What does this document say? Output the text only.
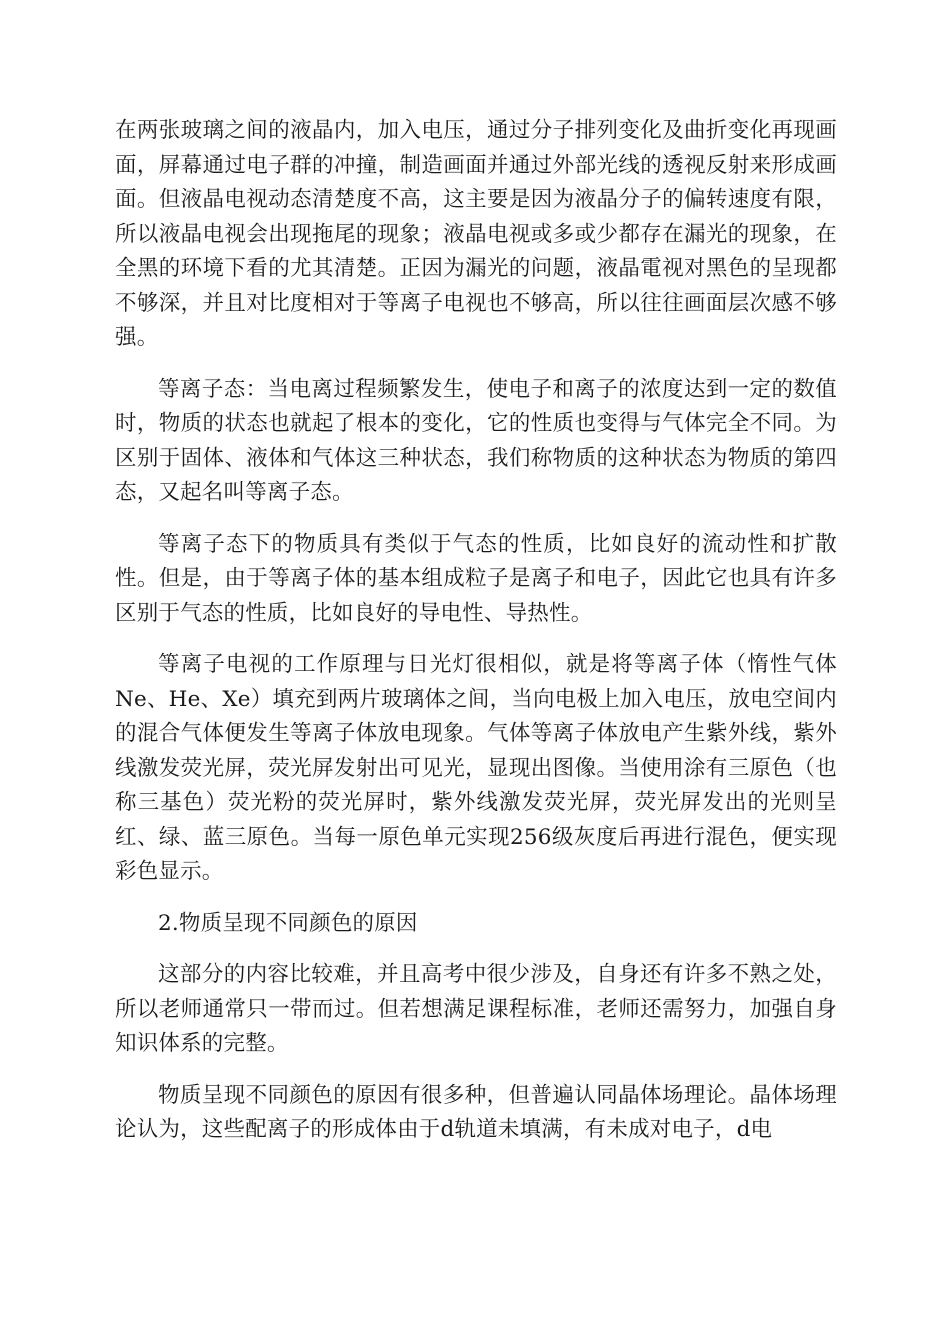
在两张玻璃之间的液晶内，加入电压，通过分子排列变化及曲折变化再现画面，屏幕通过电子群的冲撞，制造画面并通过外部光线的透视反射来形成画面。但液晶电视动态清楚度不高，这主要是因为液晶分子的偏转速度有限，所以液晶电视会出现拖尾的现象；液晶电视或多或少都存在漏光的现象，在全黑的环境下看的尤其清楚。正因为漏光的问题，液晶電视对黑色的呈现都不够深，并且对比度相对于等离子电视也不够高，所以往往画面层次感不够强。

等离子态：当电离过程频繁发生，使电子和离子的浓度达到一定的数值时，物质的状态也就起了根本的变化，它的性质也变得与气体完全不同。为区别于固体、液体和气体这三种状态，我们称物质的这种状态为物质的第四态，又起名叫等离子态。

等离子态下的物质具有类似于气态的性质，比如良好的流动性和扩散性。但是，由于等离子体的基本组成粒子是离子和电子，因此它也具有许多区别于气态的性质，比如良好的导电性、导热性。

等离子电视的工作原理与日光灯很相似，就是将等离子体（惰性气体Ne、He、Xe）填充到两片玻璃体之间，当向电极上加入电压，放电空间内的混合气体便发生等离子体放电现象。气体等离子体放电产生紫外线，紫外线激发荧光屏，荧光屏发射出可见光，显现出图像。当使用涂有三原色（也称三基色）荧光粉的荧光屏时，紫外线激发荧光屏，荧光屏发出的光则呈红、绿、蓝三原色。当每一原色单元实现256级灰度后再进行混色，便实现彩色显示。

2.物质呈现不同颜色的原因

这部分的内容比较难，并且高考中很少涉及，自身还有许多不熟之处，所以老师通常只一带而过。但若想满足课程标准，老师还需努力，加强自身知识体系的完整。

物质呈现不同颜色的原因有很多种，但普遍认同晶体场理论。晶体场理论认为，这些配离子的形成体由于d轨道未填满，有未成对电子，d电
